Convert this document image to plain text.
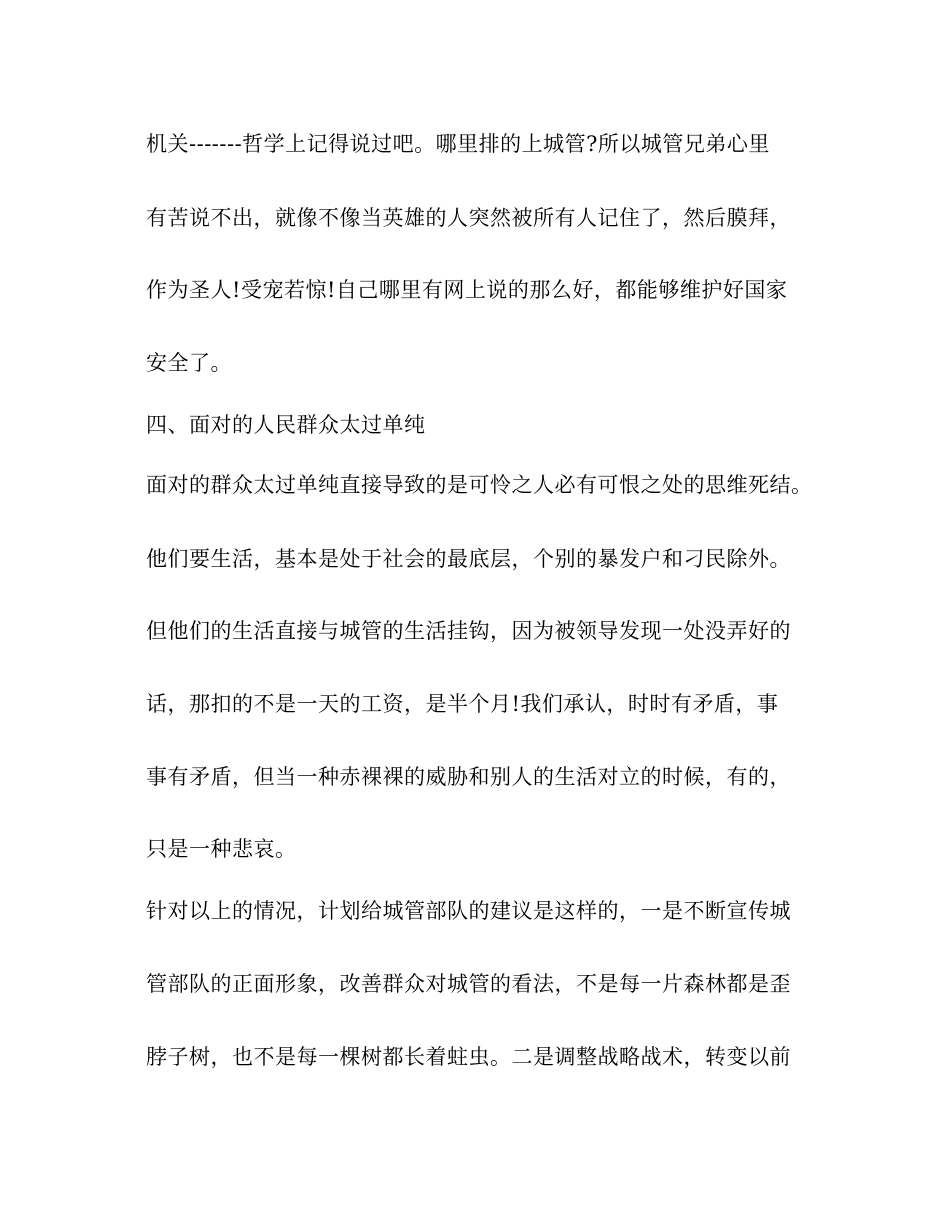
机关-------哲学上记得说过吧。哪里排的上城管?所以城管兄弟心里
有苦说不出，就像不像当英雄的人突然被所有人记住了，然后膜拜，
作为圣人!受宠若惊!自己哪里有网上说的那么好，都能够维护好国家
安全了。
四、面对的人民群众太过单纯
面对的群众太过单纯直接导致的是可怜之人必有可恨之处的思维死结。
他们要生活，基本是处于社会的最底层，个别的暴发户和刁民除外。
但他们的生活直接与城管的生活挂钩，因为被领导发现一处没弄好的
话，那扣的不是一天的工资，是半个月!我们承认，时时有矛盾，事
事有矛盾，但当一种赤裸裸的威胁和别人的生活对立的时候，有的，
只是一种悲哀。
针对以上的情况，计划给城管部队的建议是这样的，一是不断宣传城
管部队的正面形象，改善群众对城管的看法，不是每一片森林都是歪
脖子树，也不是每一棵树都长着蛀虫。二是调整战略战术，转变以前
